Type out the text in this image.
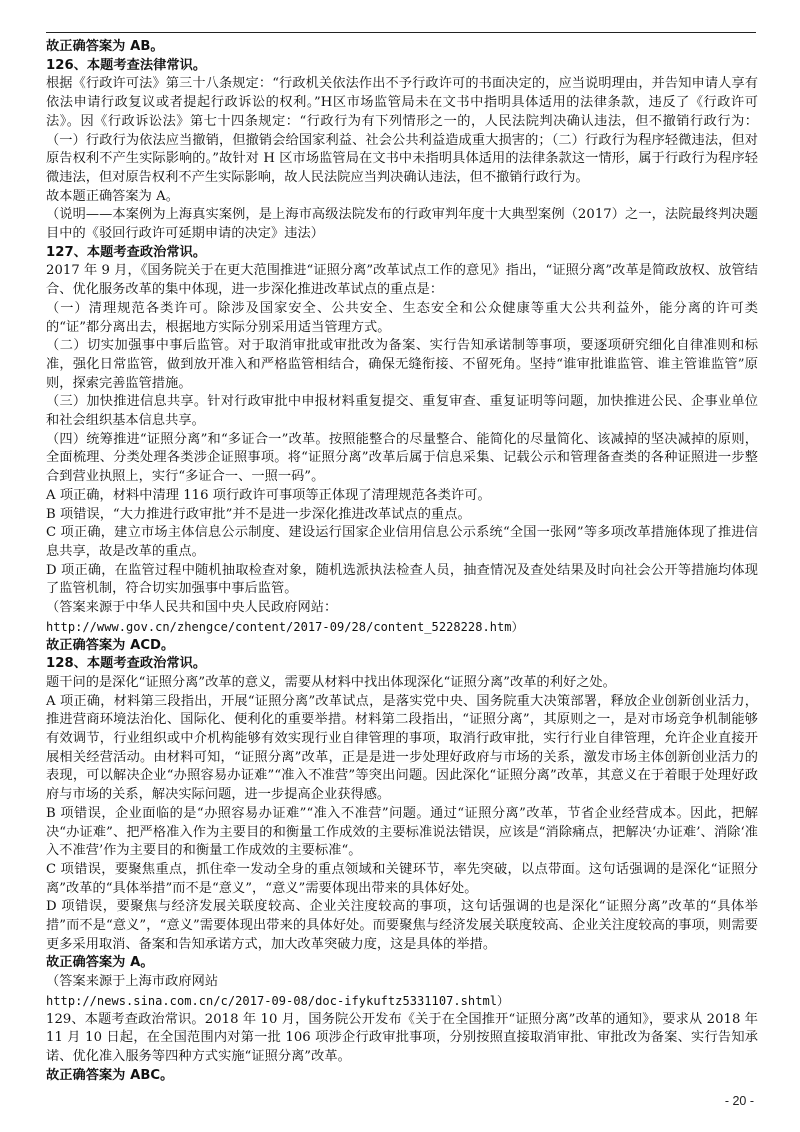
故正确答案为 AB。

126、本题考查法律常识。

根据《行政许可法》第三十八条规定：“行政机关依法作出不予行政许可的书面决定的，应当说明理由，并告知申请人享有依法申请行政复议或者提起行政诉讼的权利。”H区市场监管局未在文书中指明具体适用的法律条款，违反了《行政许可法》。因《行政诉讼法》第七十四条规定：“行政行为有下列情形之一的，人民法院判决确认违法，但不撤销行政行为：（一）行政行为依法应当撤销，但撤销会给国家利益、社会公共利益造成重大损害的；（二）行政行为程序轻微违法，但对原告权利不产生实际影响的。”故针对 H 区市场监管局在文书中未指明具体适用的法律条款这一情形，属于行政行为程序轻微违法，但对原告权利不产生实际影响，故人民法院应当判决确认违法，但不撤销行政行为。

故本题正确答案为 A。

（说明——本案例为上海真实案例，是上海市高级法院发布的行政审判年度十大典型案例（2017）之一，法院最终判决题目中的《驳回行政许可延期申请的决定》违法）

127、本题考查政治常识。

2017 年 9 月，《国务院关于在更大范围推进“证照分离”改革试点工作的意见》指出，“证照分离”改革是简政放权、放管结合、优化服务改革的集中体现，进一步深化推进改革试点的重点是：

（一）清理规范各类许可。除涉及国家安全、公共安全、生态安全和公众健康等重大公共利益外，能分离的许可类的“证”都分离出去，根据地方实际分别采用适当管理方式。

（二）切实加强事中事后监管。对于取消审批或审批改为备案、实行告知承诺制等事项，要逐项研究细化自律准则和标准，强化日常监管，做到放开准入和严格监管相结合，确保无缝衔接、不留死角。坚持“谁审批谁监管、谁主管谁监管”原则，探索完善监管措施。

（三）加快推进信息共享。针对行政审批中申报材料重复提交、重复审查、重复证明等问题，加快推进公民、企事业单位和社会组织基本信息共享。

（四）统筹推进“证照分离”和“多证合一”改革。按照能整合的尽量整合、能简化的尽量简化、该减掉的坚决减掉的原则，全面梳理、分类处理各类涉企证照事项。将“证照分离”改革后属于信息采集、记载公示和管理备查类的各种证照进一步整合到营业执照上，实行“多证合一、一照一码”。

A 项正确，材料中清理 116 项行政许可事项等正体现了清理规范各类许可。

B 项错误，“大力推进行政审批”并不是进一步深化推进改革试点的重点。

C 项正确，建立市场主体信息公示制度、建设运行国家企业信用信息公示系统“全国一张网”等多项改革措施体现了推进信息共享，故是改革的重点。

D 项正确，在监管过程中随机抽取检查对象，随机选派执法检查人员，抽查情况及查处结果及时向社会公开等措施均体现了监管机制，符合切实加强事中事后监管。

（答案来源于中华人民共和国中央人民政府网站：

http://www.gov.cn/zhengce/content/2017-09/28/content_5228228.htm）

故正确答案为 ACD。

128、本题考查政治常识。

题干问的是深化“证照分离”改革的意义，需要从材料中找出体现深化“证照分离”改革的利好之处。

A 项正确，材料第三段指出，开展“证照分离”改革试点，是落实党中央、国务院重大决策部署，释放企业创新创业活力，推进营商环境法治化、国际化、便利化的重要举措。材料第二段指出，“证照分离”，其原则之一，是对市场竞争机制能够有效调节，行业组织或中介机构能够有效实现行业自律管理的事项，取消行政审批，实行行业自律管理，允许企业直接开展相关经营活动。由材料可知，“证照分离”改革，正是是进一步处理好政府与市场的关系，激发市场主体创新创业活力的表现，可以解决企业“办照容易办证难”“准入不准营”等突出问题。因此深化“证照分离”改革，其意义在于着眼于处理好政府与市场的关系，解决实际问题，进一步提高企业获得感。

B 项错误，企业面临的是“办照容易办证难”“准入不准营”问题。通过“证照分离”改革，节省企业经营成本。因此，把解决“办证难”、把严格准入作为主要目的和衡量工作成效的主要标准说法错误，应该是“消除痛点，把解决‘办证难’、消除‘准入不准营’作为主要目的和衡量工作成效的主要标准“。

C 项错误，要聚焦重点，抓住牵一发动全身的重点领域和关键环节，率先突破，以点带面。这句话强调的是深化“证照分离”改革的“具体举措”而不是“意义”，“意义”需要体现出带来的具体好处。

D 项错误，要聚焦与经济发展关联度较高、企业关注度较高的事项，这句话强调的也是深化“证照分离”改革的“具体举措”而不是“意义”，“意义”需要体现出带来的具体好处。而要聚焦与经济发展关联度较高、企业关注度较高的事项，则需要更多采用取消、备案和告知承诺方式，加大改革突破力度，这是具体的举措。

故正确答案为 A。

（答案来源于上海市政府网站

http://news.sina.com.cn/c/2017-09-08/doc-ifykuftz5331107.shtml）

129、本题考查政治常识。2018 年 10 月，国务院公开发布《关于在全国推开“证照分离”改革的通知》，要求从 2018 年 11 月 10 日起，在全国范围内对第一批 106 项涉企行政审批事项，分别按照直接取消审批、审批改为备案、实行告知承诺、优化准入服务等四种方式实施“证照分离”改革。

故正确答案为 ABC。

- 20 -
